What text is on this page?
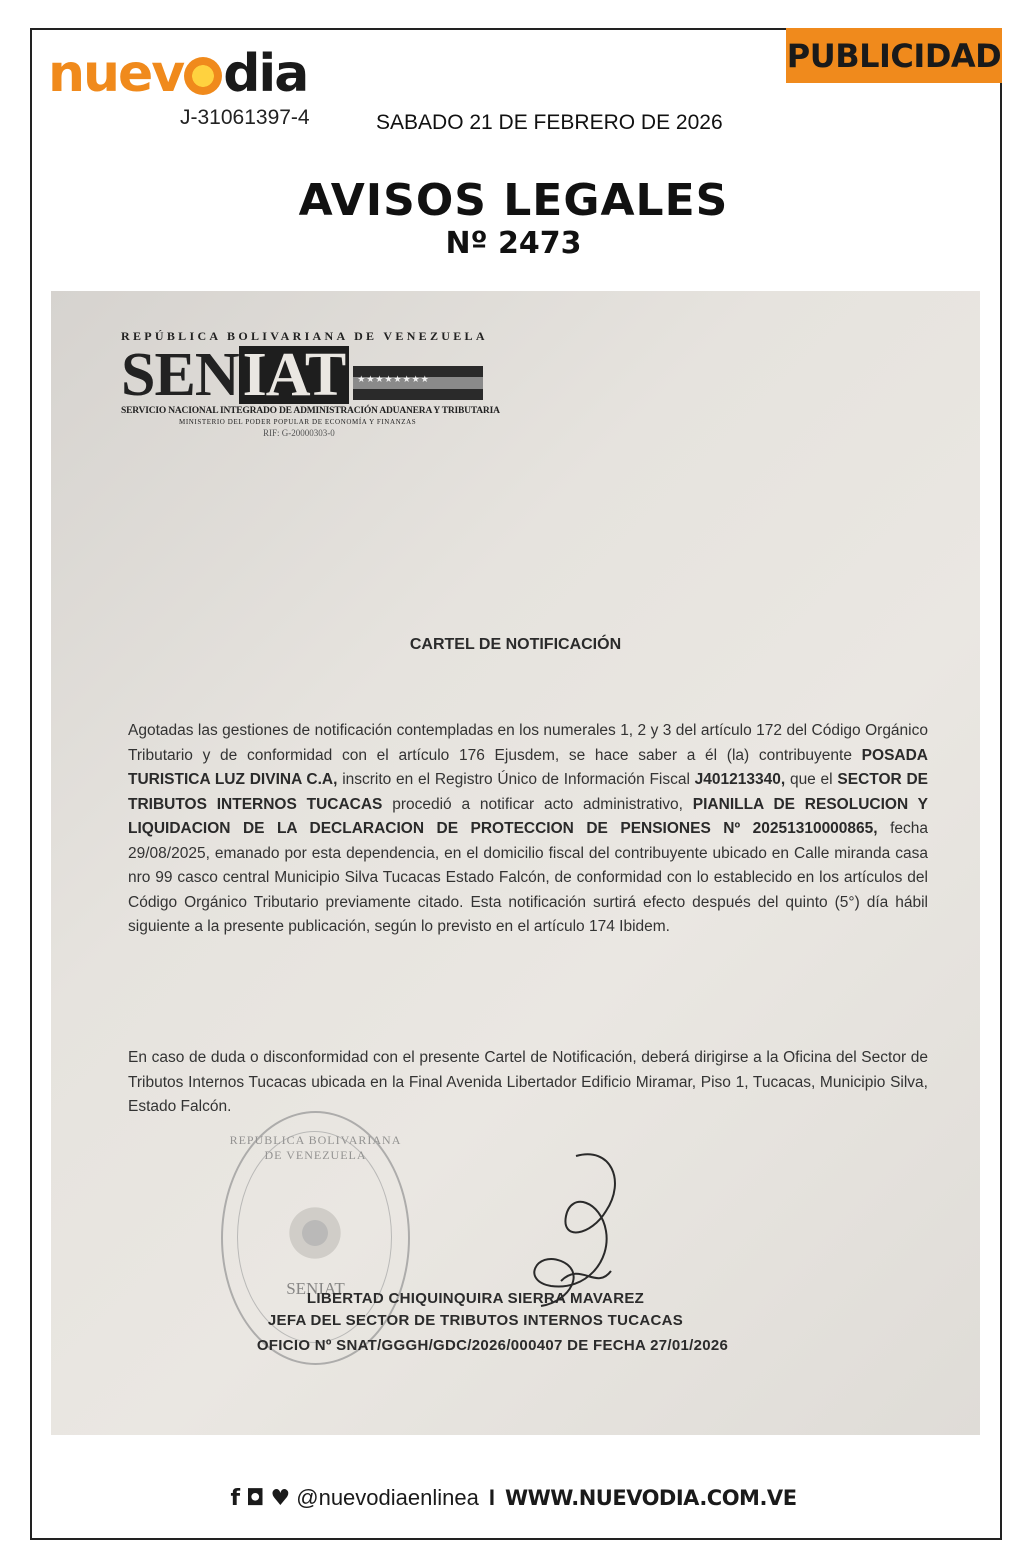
nuev dia
J-31061397-4	SABADO 21 DE FEBRERO DE 2026
PUBLICIDAD
AVISOS LEGALES
Nº 2473
REPÚBLICA BOLIVARIANA DE VENEZUELA
SEN IAT	★★★★★★★★
SERVICIO NACIONAL INTEGRADO DE ADMINISTRACIÓN ADUANERA Y TRIBUTARIA
MINISTERIO DEL PODER POPULAR DE ECONOMÍA Y FINANZAS
RIF: G-20000303-0
CARTEL DE NOTIFICACIÓN
Agotadas las gestiones de notificación contempladas en los numerales 1, 2 y 3 del artículo 172 del Código Orgánico Tributario y de conformidad con el artículo 176 Ejusdem, se hace saber a él (la) contribuyente POSADA TURISTICA LUZ DIVINA C.A, inscrito en el Registro Único de Información Fiscal J401213340, que el SECTOR DE TRIBUTOS INTERNOS TUCACAS procedió a notificar acto administrativo, PIANILLA DE RESOLUCION Y LIQUIDACION DE LA DECLARACION DE PROTECCION DE PENSIONES Nº 20251310000865, fecha 29/08/2025, emanado por esta dependencia, en el domicilio fiscal del contribuyente ubicado en Calle miranda casa nro 99 casco central Municipio Silva Tucacas Estado Falcón, de conformidad con lo establecido en los artículos del Código Orgánico Tributario previamente citado. Esta notificación surtirá efecto después del quinto (5°) día hábil siguiente a la presente publicación, según lo previsto en el artículo 174 Ibidem.
En caso de duda o disconformidad con el presente Cartel de Notificación, deberá dirigirse a la Oficina del Sector de Tributos Internos Tucacas ubicada en la Final Avenida Libertador Edificio Miramar, Piso 1, Tucacas, Municipio Silva, Estado Falcón.
REPUBLICA BOLIVARIANA DE VENEZUELA
SENIAT
LIBERTAD CHIQUINQUIRA SIERRA MAVAREZ
JEFA DEL SECTOR DE TRIBUTOS INTERNOS TUCACAS
OFICIO Nº SNAT/GGGH/GDC/2026/000407 DE FECHA 27/01/2026
f ◘ ♥ @nuevodiaenlinea I WWW.NUEVODIA.COM.VE
